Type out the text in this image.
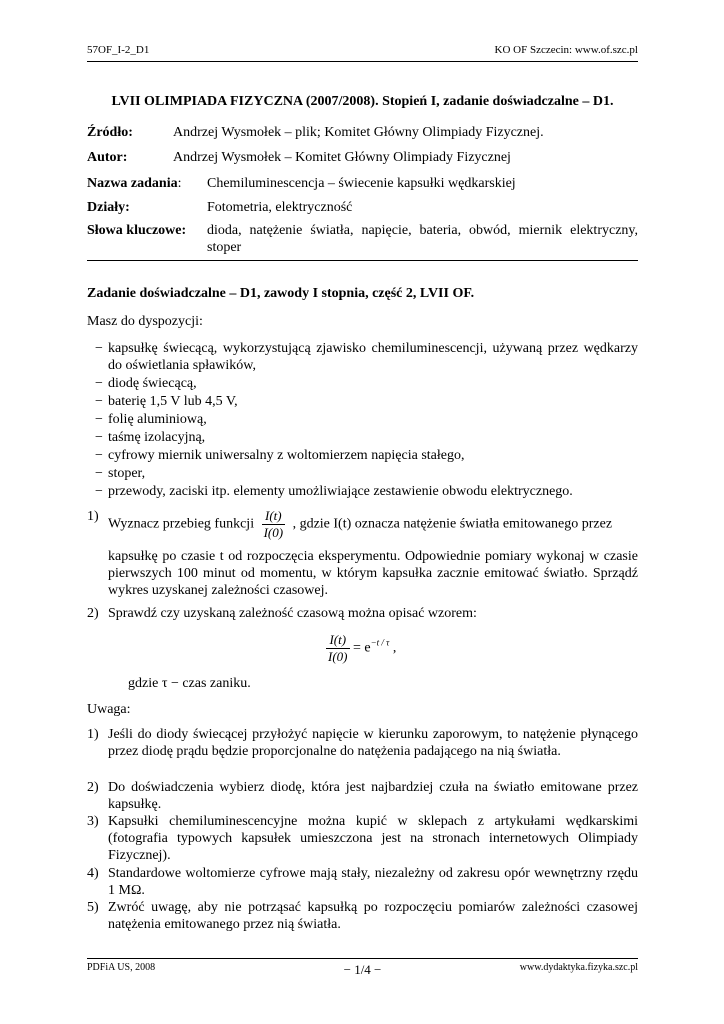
57OF_I-2_D1	KO OF Szczecin: www.of.szc.pl
LVII OLIMPIADA FIZYCZNA (2007/2008). Stopień I, zadanie doświadczalne – D1.
Źródło:	Andrzej Wysmołek – plik; Komitet Główny Olimpiady Fizycznej.
Autor:	Andrzej Wysmołek – Komitet Główny Olimpiady Fizycznej
Nazwa zadania: Chemiluminescencja – świecenie kapsułki wędkarskiej
Działy:	Fotometria, elektryczność
Słowa kluczowe: dioda, natężenie światła, napięcie, bateria, obwód, miernik elektryczny, stoper
Zadanie doświadczalne – D1, zawody I stopnia, część 2, LVII OF.
Masz do dyspozycji:
− kapsułkę świecącą, wykorzystującą zjawisko chemiluminescencji, używaną przez wędkarzy do oświetlania spławików,
− diodę świecącą,
− baterię 1,5 V lub 4,5 V,
− folię aluminiową,
− taśmę izolacyjną,
− cyfrowy miernik uniwersalny z woltomierzem napięcia stałego,
− stoper,
− przewody, zaciski itp. elementy umożliwiające zestawienie obwodu elektrycznego.
1)
Wyznacz przebieg funkcji $\frac{I(t)}{I(0)}$ , gdzie I(t) oznacza natężenie światła emitowanego przez
kapsułkę po czasie t od rozpoczęcia eksperymentu. Odpowiednie pomiary wykonaj w czasie pierwszych 100 minut od momentu, w którym kapsułka zacznie emitować światło. Sprządź wykres uzyskanej zależności czasowej.
2) Sprawdź czy uzyskaną zależność czasową można opisać wzorem:
$\frac{I(t)}{I(0)} = e^{-t / \tau}$ ,
gdzie τ − czas zaniku.
Uwaga:
1) Jeśli do diody świecącej przyłożyć napięcie w kierunku zaporowym, to natężenie płynącego przez diodę prądu będzie proporcjonalne do natężenia padającego na nią światła.
2) Do doświadczenia wybierz diodę, która jest najbardziej czuła na światło emitowane przez kapsułkę.
3) Kapsułki chemiluminescencyjne można kupić w sklepach z artykułami wędkarskimi (fotografia typowych kapsułek umieszczona jest na stronach internetowych Olimpiady Fizycznej).
4) Standardowe woltomierze cyfrowe mają stały, niezależny od zakresu opór wewnętrzny rzędu 1 MΩ.
5) Zwróć uwagę, aby nie potrząsać kapsułką po rozpoczęciu pomiarów zależności czasowej natężenia emitowanego przez nią światła.
PDFiA US, 2008	− 1/4 −	www.dydaktyka.fizyka.szc.pl
